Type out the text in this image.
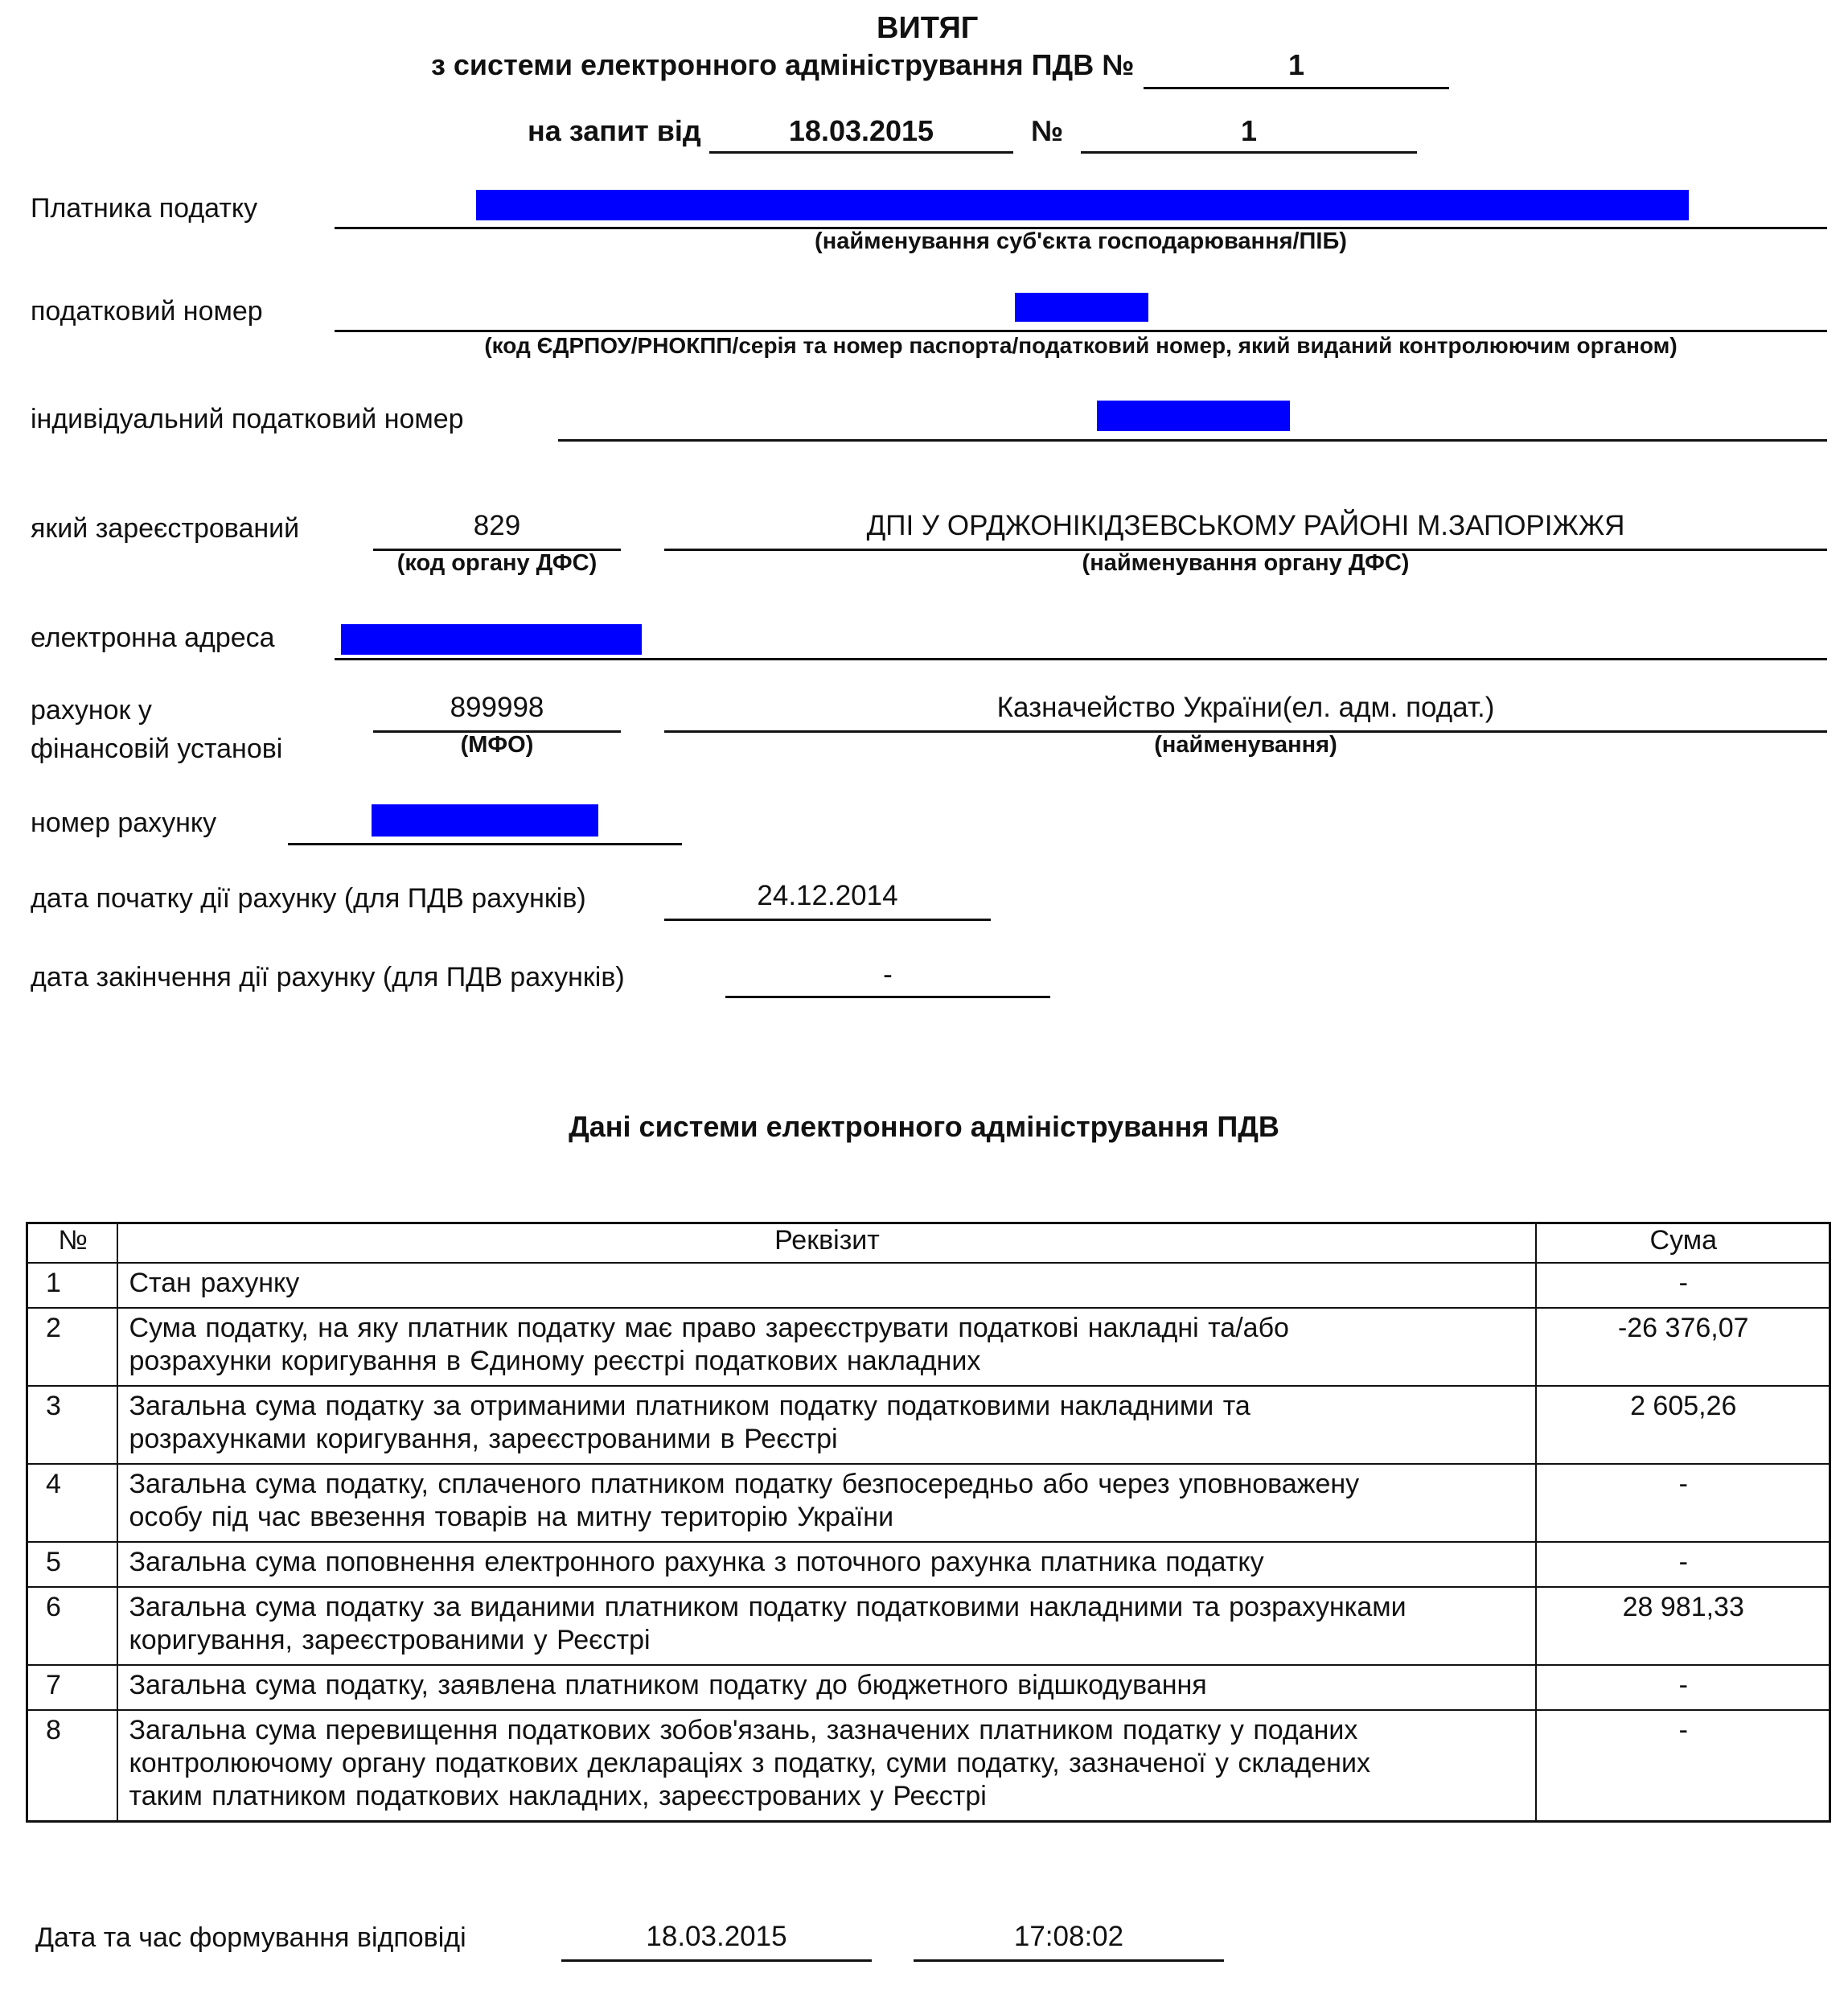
ВИТЯГ
з системи електронного адміністрування ПДВ №	1
на запит від	18.03.2015	№	1
Платника податку
(найменування суб'єкта господарювання/ПІБ)
податковий номер
(код ЄДРПОУ/РНОКПП/серія та номер паспорта/податковий номер, який виданий контролюючим органом)
індивідуальний податковий номер
який зареєстрований	829
(код органу ДФС)
ДПІ У ОРДЖОНІКІДЗЕВСЬКОМУ РАЙОНІ М.ЗАПОРІЖЖЯ
(найменування органу ДФС)
електронна адреса
рахунок у
фінансовій установі
899998
(МФО)
Казначейство України(ел. адм. подат.)
(найменування)
номер рахунку
дата початку дії рахунку (для ПДВ рахунків)	24.12.2014
дата закінчення дії рахунку (для ПДВ рахунків)	-
Дані системи електронного адміністрування ПДВ
№	Реквізит	Сума
1	Стан рахунку	-
2	Сума податку, на яку платник податку має право зареєструвати податкові накладні та/або
розрахунки коригування в Єдиному реєстрі податкових накладних	-26 376,07
3	Загальна сума податку за отриманими платником податку податковими накладними та
розрахунками коригування, зареєстрованими в Реєстрі	2 605,26
4	Загальна сума податку, сплаченого платником податку безпосередньо або через уповноважену
особу під час ввезення товарів на митну територію України	-
5	Загальна сума поповнення електронного рахунка з поточного рахунка платника податку	-
6	Загальна сума податку за виданими платником податку податковими накладними та розрахунками
коригування, зареєстрованими у Реєстрі	28 981,33
7	Загальна сума податку, заявлена платником податку до бюджетного відшкодування	-
8	Загальна сума перевищення податкових зобов'язань, зазначених платником податку у поданих
контролюючому органу податкових деклараціях з податку, суми податку, зазначеної у складених
таким платником податкових накладних, зареєстрованих у Реєстрі	-
Дата та час формування відповіді	18.03.2015	17:08:02
